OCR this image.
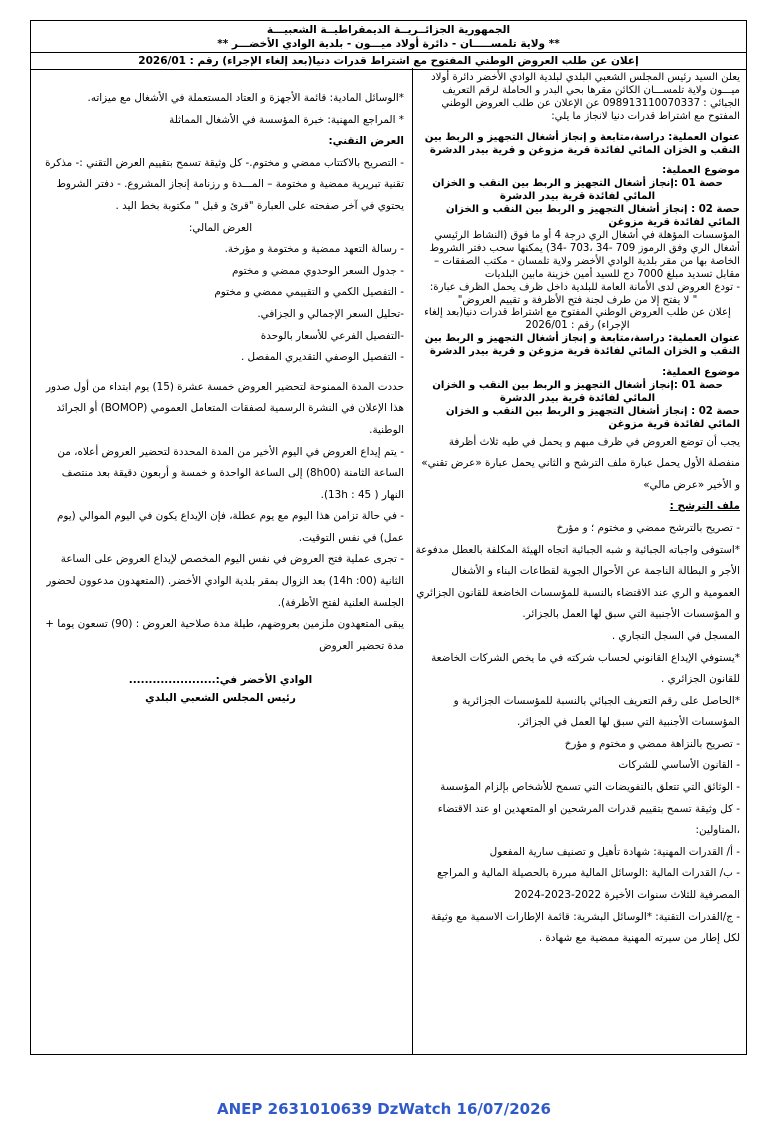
الجمهورية الجزائــريــة الديمقراطيــة الشعبيـــة
** ولاية تلمســـــان - دائرة أولاد ميـــون - بلدية الوادي الأخضـــر **
إعلان عن طلب العروض الوطني المفتوح مع اشتراط قدرات دنيا(بعد إلغاء الإجراء) رقم : 2026/01
يعلن السيد رئيس المجلس الشعبي البلدي لبلدية الوادي الأخضر دائرة أولاد ميـــون ولاية تلمســـان الكائن مقرها بحي البدر و الحاملة لرقم التعريف الجبائي : 098913110070337 عن الإعلان عن طلب العروض الوطني المفتوح مع اشتراط قدرات دنيا لانجاز ما يلي:
عنوان العملية: دراسة،متابعة و إنجاز أشغال التجهيز و الربط بين النقب و الخزان المائي لفائدة قرية مزوغن و قرية بيدر الدشرة
موضوع العملية:
حصة 01 :إنجاز أشغال التجهيز و الربط بين النقب و الخزان المائي لفائدة قرية بيدر الدشرة
حصة 02 : إنجاز أشغال التجهيز و الربط بين النقب و الخزان المائي لفائدة قرية مزوغن
المؤسسات المؤهلة في أشغال الري درجة 4 أو ما فوق (النشاط الرئيسي أشغال الري وفق الرموز 709 -34 ،703 -34) يمكنها سحب دفتر الشروط الخاصة بها من مقر بلدية الوادي الأخضر ولاية تلمسان - مكتب الصفقات – مقابل تسديد مبلغ 7000 دج للسيد أمين خزينة مابين البلديات
- تودع العروض لدى الأمانة العامة للبلدية داخل ظرف يحمل الظرف عبارة:
" لا يفتح إلا من طرف لجنة فتح الأظرفة و تقييم العروض"
إعلان عن طلب العروض الوطني المفتوح مع اشتراط قدرات دنيا(بعد إلغاء الإجراء) رقم : 2026/01
عنوان العملية: دراسة،متابعة و إنجاز أشغال التجهيز و الربط بين النقب و الخزان المائي لفائدة قرية مزوغن و قرية بيدر الدشرة
موضوع العملية:
حصة 01 :إنجاز أشغال التجهيز و الربط بين النقب و الخزان المائي لفائدة قرية بيدر الدشرة
حصة 02 : إنجاز أشغال التجهيز و الربط بين النقب و الخزان المائي لفائدة قرية مزوغن
يجب أن توضع العروض في ظرف مبهم و يحمل في طيه ثلاث أظرفة منفصلة الأول يحمل عبارة ملف الترشح و الثاني يحمل عبارة «عرض تقني» و الأخير «عرض مالي»
ملف الترشح :
- تصريح بالترشح ممضي و مختوم ؛ و مؤرخ
*استوفى واجباته الجبائية و شبه الجبائية اتجاه الهيئة المكلفة بالعطل مدفوعة الأجر و البطالة الناجمة عن الأحوال الجوية لقطاعات البناء و الأشغال العمومية و الري عند الاقتضاء بالنسبة للمؤسسات الخاضعة للقانون الجزائري و المؤسسات الأجنبية التي سبق لها العمل بالجزائر.
المسجل في السجل التجاري .
*يستوفي الإيداع القانوني لحساب شركته في ما يخص الشركات الخاضعة للقانون الجزائري .
*الحاصل على رقم التعريف الجبائي بالنسبة للمؤسسات الجزائرية و المؤسسات الأجنبية التي سبق لها العمل في الجزائر.
- تصريح بالنزاهة ممضي و مختوم و مؤرخ
- القانون الأساسي للشركات
- الوثائق التي تتعلق بالتفويضات التي تسمح للأشخاص بإلزام المؤسسة
- كل وثيقة تسمح بتقييم قدرات المرشحين او المتعهدين او عند الاقتضاء ،المناولين:
- أ/ القدرات المهنية: شهادة تأهيل و تصنيف سارية المفعول
- ب/ القدرات المالية :الوسائل المالية مبررة بالحصيلة المالية و المراجع المصرفية للثلاث سنوات الأخيرة 2022-2023-2024
- ج/القدرات التقنية: *الوسائل البشرية: قائمة الإطارات الاسمية مع وثيقة لكل إطار من سيرته المهنية ممضية مع شهادة .
*الوسائل المادية: قائمة الأجهزة و العتاد المستعملة في الأشغال مع ميزاته.
* المراجع المهنية: خبرة المؤسسة في الأشغال المماثلة
العرض التقني:
- التصريح بالاكتتاب ممضي و مختوم.- كل وثيقة تسمح بتقييم العرض التقني :- مذكرة تقنية تبريرية ممضية و مختومة – المـــدة و رزنامة إنجاز المشروع. - دفتر الشروط يحتوي في آخر صفحته على العبارة "قرئ و قبل " مكتوبة بخط اليد .
العرض المالي:
- رسالة التعهد ممضية و مختومة و مؤرخة.
- جدول السعر الوحدوي ممضي و مختوم
- التفصيل الكمي و التقييمي ممضي و مختوم
-تحليل السعر الإجمالي و الجزافي.
-التفصيل الفرعي للأسعار بالوحدة
- التفصيل الوصفي التقديري المفصل .
حددت المدة الممنوحة لتحضير العروض خمسة عشرة (15) يوم ابتداء من أول صدور هذا الإعلان في النشرة الرسمية لصفقات المتعامل العمومي (BOMOP) أو الجرائد الوطنية.
- يتم إيداع العروض في اليوم الأخير من المدة المحددة لتحضير العروض أعلاه، من الساعة الثامنة (8h00) إلى الساعة الواحدة و خمسة و أربعون دقيقة بعد منتصف النهار ( 45 : 13h).
- في حالة تزامن هذا اليوم مع يوم عطلة، فإن الإيداع يكون في اليوم الموالي (يوم عمل) في نفس التوقيت.
- تجرى عملية فتح العروض في نفس اليوم المخصص لإيداع العروض على الساعة الثانية (14h :00) بعد الزوال بمقر بلدية الوادي الأخضر. (المتعهدون مدعوون لحضور الجلسة العلنية لفتح الأظرفة).
يبقى المتعهدون ملزمين بعروضهم، طيلة مدة صلاحية العروض : (90) تسعون يوما + مدة تحضير العروض
الوادي الأخضر في:......................
رئيس المجلس الشعبي البلدي
ANEP 2631010639 DzWatch 16/07/2026
